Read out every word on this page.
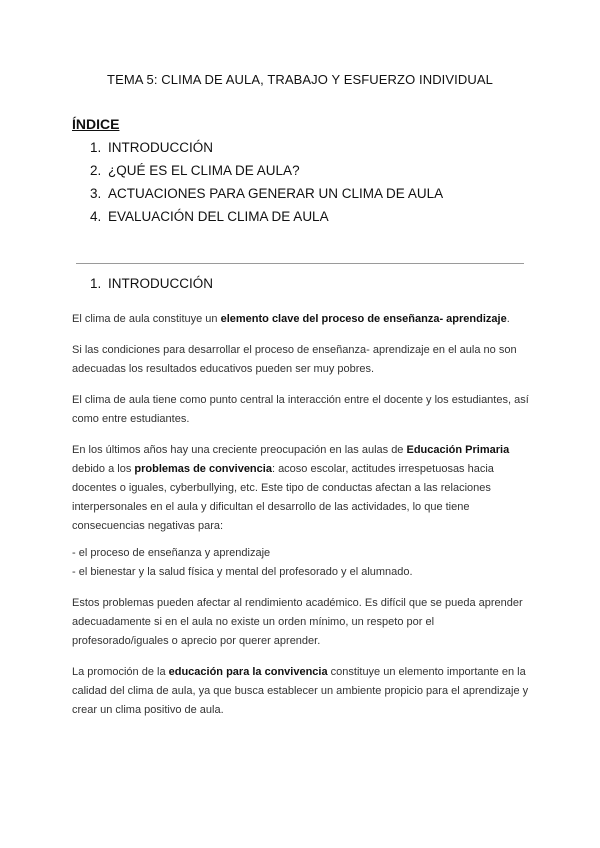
TEMA 5: CLIMA DE AULA, TRABAJO Y ESFUERZO INDIVIDUAL
ÍNDICE
1. INTRODUCCIÓN
2. ¿QUÉ ES EL CLIMA DE AULA?
3. ACTUACIONES PARA GENERAR UN CLIMA DE AULA
4. EVALUACIÓN DEL CLIMA DE AULA
1. INTRODUCCIÓN

El clima de aula constituye un elemento clave del proceso de enseñanza- aprendizaje.

Si las condiciones para desarrollar el proceso de enseñanza- aprendizaje en el aula no son adecuadas los resultados educativos pueden ser muy pobres.

El clima de aula tiene como punto central la interacción entre el docente y los estudiantes, así como entre estudiantes.

En los últimos años hay una creciente preocupación en las aulas de Educación Primaria debido a los problemas de convivencia: acoso escolar, actitudes irrespetuosas hacia docentes o iguales, cyberbullying, etc. Este tipo de conductas afectan a las relaciones interpersonales en el aula y dificultan el desarrollo de las actividades, lo que tiene consecuencias negativas para:

- el proceso de enseñanza y aprendizaje
- el bienestar y la salud física y mental del profesorado y el alumnado.

Estos problemas pueden afectar al rendimiento académico. Es difícil que se pueda aprender adecuadamente si en el aula no existe un orden mínimo, un respeto por el profesorado/iguales o aprecio por querer aprender.

La promoción de la educación para la convivencia constituye un elemento importante en la calidad del clima de aula, ya que busca establecer un ambiente propicio para el aprendizaje y crear un clima positivo de aula.
